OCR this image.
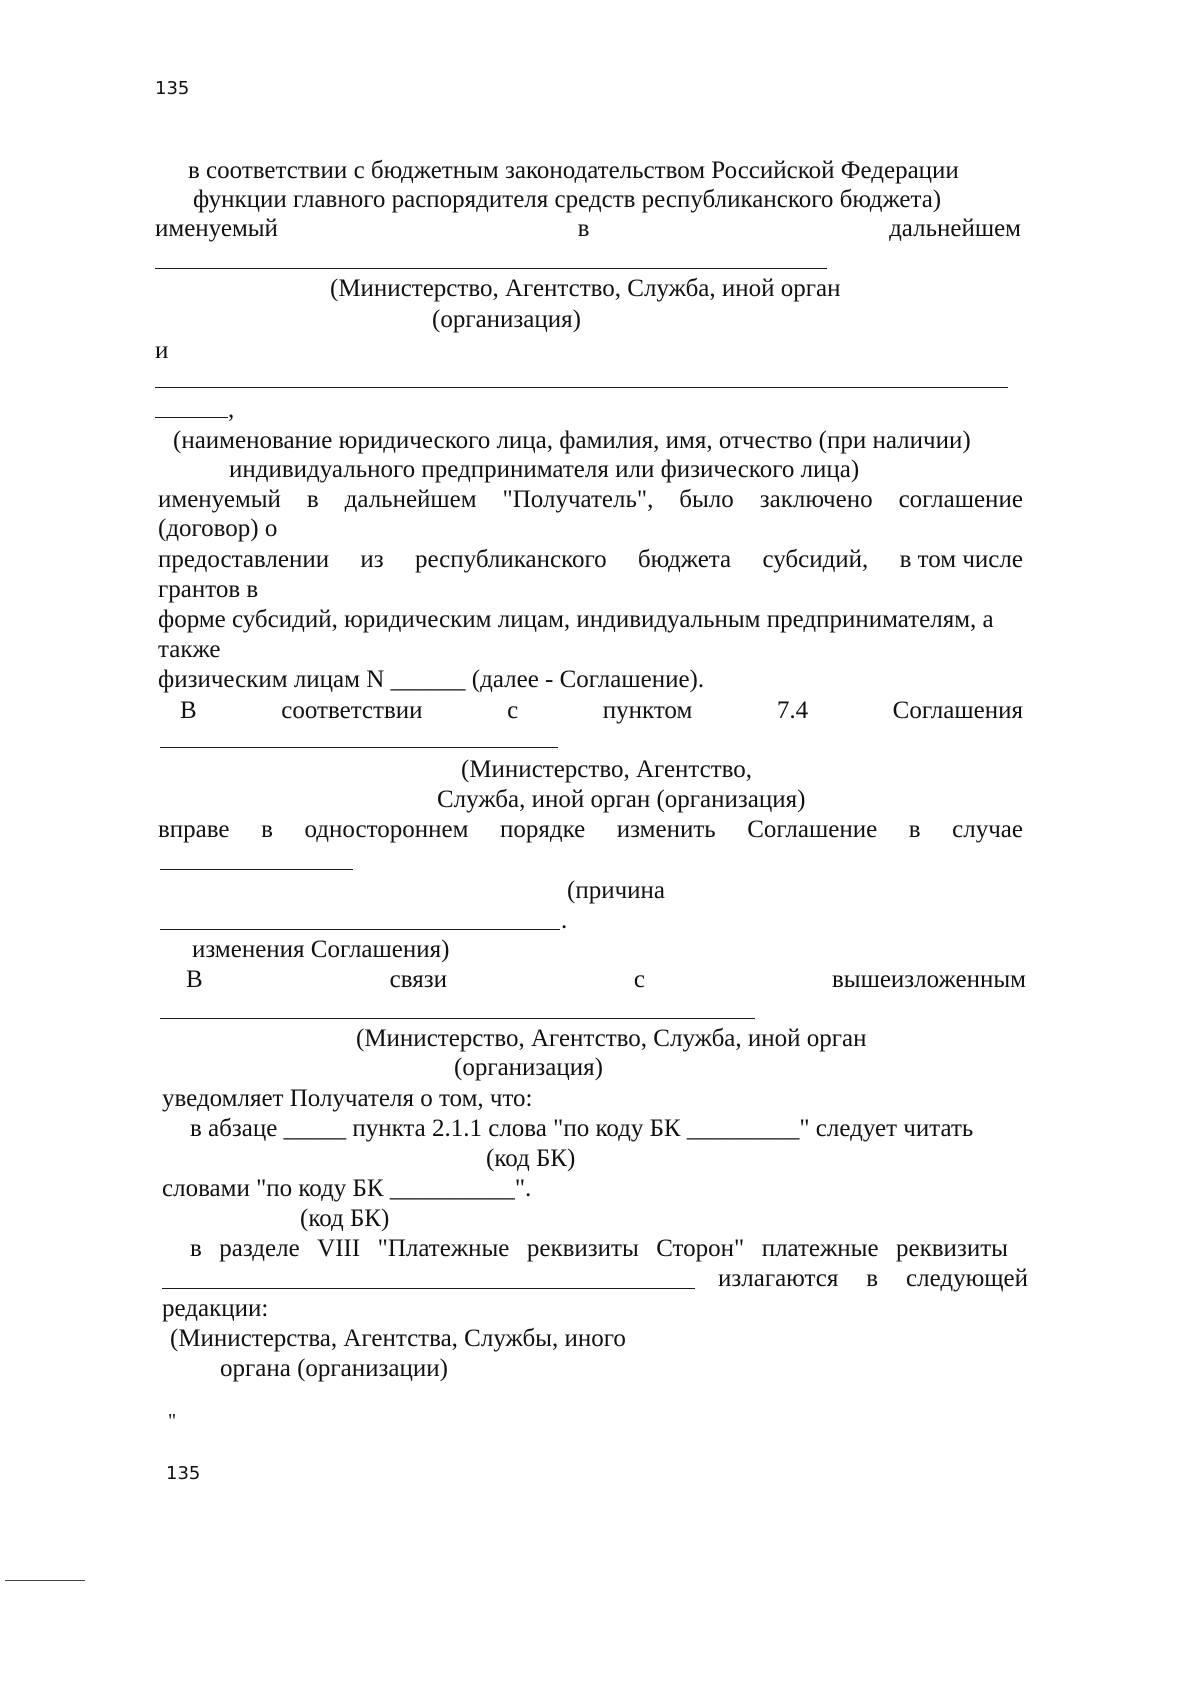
135
в соответствии с бюджетным законодательством Российской Федерации
функции главного распорядителя средств республиканского бюджета)
именуемый	в	дальнейшем
(Министерство, Агентство, Служба, иной орган
(организация)
и
,
(наименование юридического лица, фамилия, имя, отчество (при наличии)
индивидуального предпринимателя или физического лица)
именуемый в дальнейшем "Получатель", было заключено соглашение
(договор) о
предоставлении из республиканского бюджета субсидий, в том числе
грантов в
форме субсидий, юридическим лицам, индивидуальным предпринимателям, а
также
физическим лицам N ______ (далее - Соглашение).
В	соответствии	с	пунктом	7.4	Соглашения
(Министерство, Агентство,
Служба, иной орган (организация)
вправе в одностороннем порядке изменить Соглашение в случае
(причина
.
изменения Соглашения)
В	связи	с	вышеизложенным
(Министерство, Агентство, Служба, иной орган
(организация)
уведомляет Получателя о том, что:
в абзаце _____ пункта 2.1.1 слова "по коду БК _________" следует читать
(код БК)
словами "по коду БК __________".
(код БК)
в разделе VIII "Платежные реквизиты Сторон" платежные реквизиты
излагаются в следующей
редакции:
(Министерства, Агентства, Службы, иного
органа (организации)
"
135
